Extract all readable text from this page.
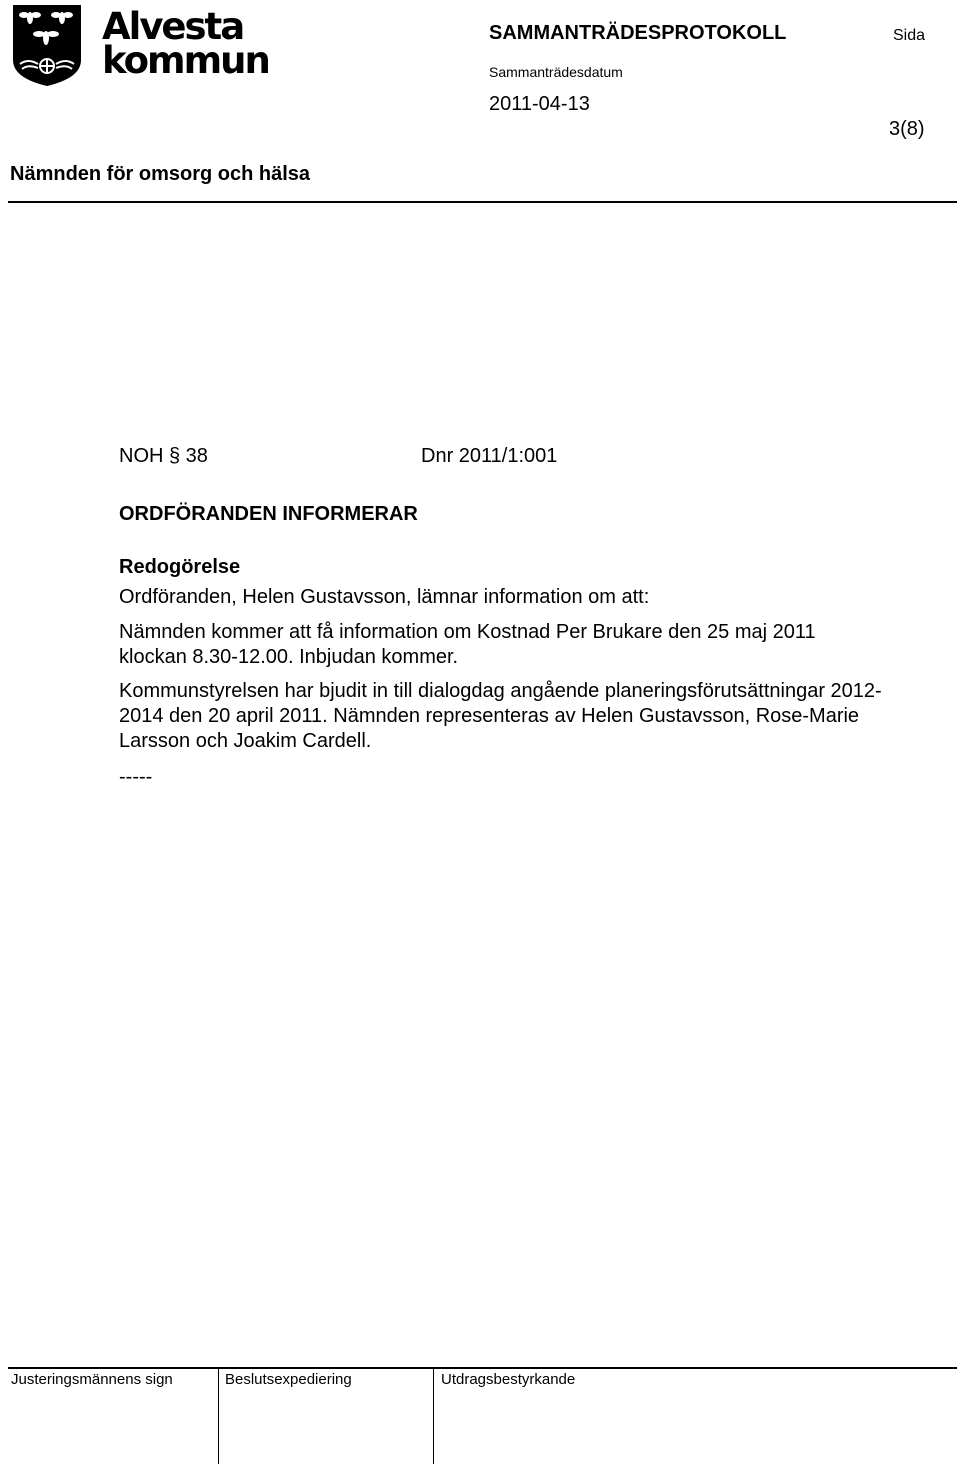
Alvesta
kommun
SAMMANTRÄDESPROTOKOLL	Sida
Sammanträdesdatum
2011-04-13
3(8)
Nämnden för omsorg och hälsa
NOH § 38	Dnr 2011/1:001
ORDFÖRANDEN INFORMERAR
Redogörelse
Ordföranden, Helen Gustavsson, lämnar information om att:
Nämnden kommer att få information om Kostnad Per Brukare den 25 maj 2011 klockan 8.30-12.00. Inbjudan kommer.
Kommunstyrelsen har bjudit in till dialogdag angående planeringsförutsättningar 2012-2014 den 20 april 2011. Nämnden representeras av Helen Gustavsson, Rose-Marie Larsson och Joakim Cardell.
-----
Justeringsmännens sign	Beslutsexpediering	Utdragsbestyrkande
